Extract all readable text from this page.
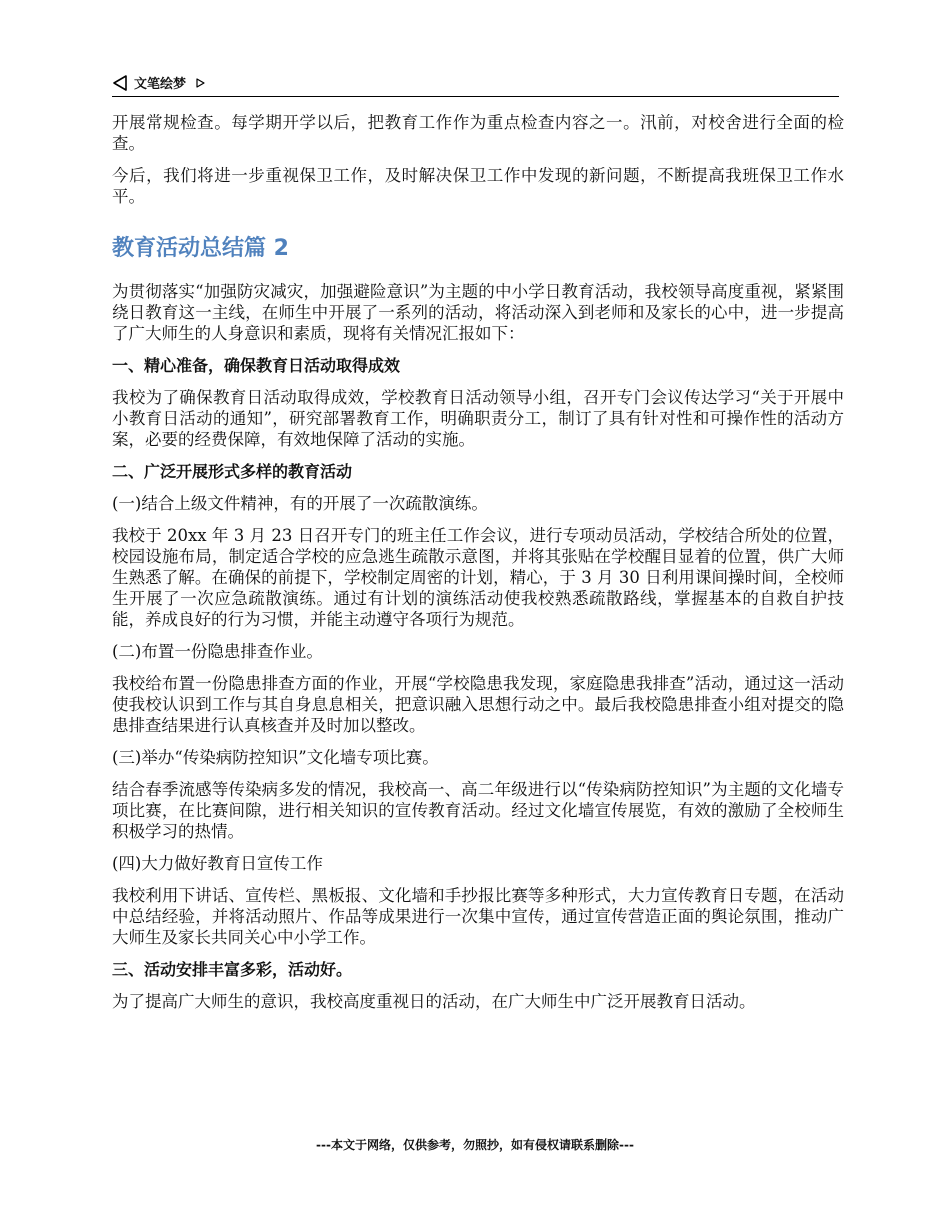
文笔绘梦

开展常规检查。每学期开学以后，把教育工作作为重点检查内容之一。汛前，对校舍进行全面的检查。

今后，我们将进一步重视保卫工作，及时解决保卫工作中发现的新问题，不断提高我班保卫工作水平。

教育活动总结篇 2

为贯彻落实“加强防灾减灾，加强避险意识”为主题的中小学日教育活动，我校领导高度重视，紧紧围绕日教育这一主线，在师生中开展了一系列的活动，将活动深入到老师和及家长的心中，进一步提高了广大师生的人身意识和素质，现将有关情况汇报如下：

一、精心准备，确保教育日活动取得成效

我校为了确保教育日活动取得成效，学校教育日活动领导小组，召开专门会议传达学习“关于开展中小教育日活动的通知”，研究部署教育工作，明确职责分工，制订了具有针对性和可操作性的活动方案，必要的经费保障，有效地保障了活动的实施。

二、广泛开展形式多样的教育活动

(一)结合上级文件精神，有的开展了一次疏散演练。

我校于 20xx 年 3 月 23 日召开专门的班主任工作会议，进行专项动员活动，学校结合所处的位置，校园设施布局，制定适合学校的应急逃生疏散示意图，并将其张贴在学校醒目显着的位置，供广大师生熟悉了解。在确保的前提下，学校制定周密的计划，精心，于 3 月 30 日利用课间操时间，全校师生开展了一次应急疏散演练。通过有计划的演练活动使我校熟悉疏散路线，掌握基本的自救自护技能，养成良好的行为习惯，并能主动遵守各项行为规范。

(二)布置一份隐患排查作业。

我校给布置一份隐患排查方面的作业，开展“学校隐患我发现，家庭隐患我排查”活动，通过这一活动使我校认识到工作与其自身息息相关，把意识融入思想行动之中。最后我校隐患排查小组对提交的隐患排查结果进行认真核查并及时加以整改。

(三)举办“传染病防控知识”文化墙专项比赛。

结合春季流感等传染病多发的情况，我校高一、高二年级进行以“传染病防控知识”为主题的文化墙专项比赛，在比赛间隙，进行相关知识的宣传教育活动。经过文化墙宣传展览，有效的激励了全校师生积极学习的热情。

(四)大力做好教育日宣传工作

我校利用下讲话、宣传栏、黑板报、文化墙和手抄报比赛等多种形式，大力宣传教育日专题，在活动中总结经验，并将活动照片、作品等成果进行一次集中宣传，通过宣传营造正面的舆论氛围，推动广大师生及家长共同关心中小学工作。

三、活动安排丰富多彩，活动好。

为了提高广大师生的意识，我校高度重视日的活动，在广大师生中广泛开展教育日活动。

---本文于网络，仅供参考，勿照抄，如有侵权请联系删除---
